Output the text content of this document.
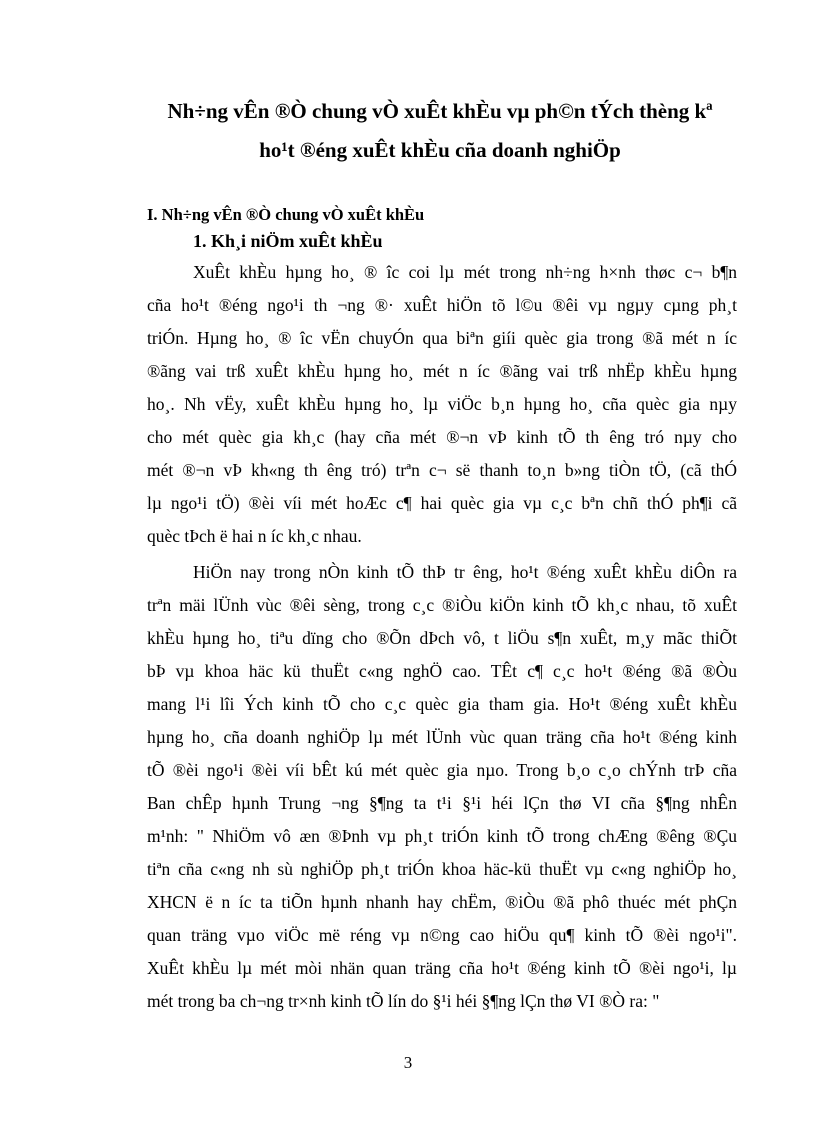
Nh÷ng vÊn ®Ò chung vÒ xuÊt khÈu vµ ph©n tÝch thèng kª
ho¹t ®éng xuÊt khÈu cña doanh nghiÖp
I. Nh÷ng vÊn ®Ò chung vÒ xuÊt khÈu
1. Kh¸i niÖm xuÊt khÈu
XuÊt khÈu hµng ho¸ ® îc coi lµ mét trong nh÷ng h×nh thøc c¬ b¶n
cña ho¹t ®éng ngo¹i th ¬ng ®· xuÊt hiÖn tõ l©u ®êi vµ ngµy cµng ph¸t
triÓn. Hµng ho¸ ® îc vËn chuyÓn qua biªn giíi quèc gia trong ®ã mét n íc
®ãng vai trß xuÊt khÈu hµng ho¸ mét n íc ®ãng vai trß nhËp khÈu hµng
ho¸. Nh vËy, xuÊt khÈu hµng ho¸ lµ viÖc b¸n hµng ho¸ cña quèc gia nµy
cho mét quèc gia kh¸c (hay cña mét ®¬n vÞ kinh tÕ th êng tró nµy cho
mét ®¬n vÞ kh«ng th êng tró) trªn c¬ së thanh to¸n b»ng tiÒn tÖ, (cã thÓ
lµ ngo¹i tÖ) ®èi víi mét hoÆc c¶ hai quèc gia vµ c¸c bªn chñ thÓ ph¶i cã
quèc tÞch ë hai n íc kh¸c nhau.
HiÖn nay trong nÒn kinh tÕ thÞ tr êng, ho¹t ®éng xuÊt khÈu diÔn ra
trªn mäi lÜnh vùc ®êi sèng, trong c¸c ®iÒu kiÖn kinh tÕ kh¸c nhau, tõ xuÊt
khÈu hµng ho¸ tiªu dïng cho ®Õn dÞch vô, t liÖu s¶n xuÊt, m¸y mãc thiÕt
bÞ vµ khoa häc kü thuËt c«ng nghÖ cao. TÊt c¶ c¸c ho¹t ®éng ®ã ®Òu
mang l¹i lîi Ých kinh tÕ cho c¸c quèc gia tham gia. Ho¹t ®éng xuÊt khÈu
hµng ho¸ cña doanh nghiÖp lµ mét lÜnh vùc quan träng cña ho¹t ®éng kinh
tÕ ®èi ngo¹i ®èi víi bÊt kú mét quèc gia nµo. Trong b¸o c¸o chÝnh trÞ cña
Ban chÊp hµnh Trung ¬ng §¶ng ta t¹i §¹i héi lÇn thø VI cña §¶ng nhÊn
m¹nh: " NhiÖm vô æn ®Þnh vµ ph¸t triÓn kinh tÕ trong chÆng ®êng ®Çu
tiªn cña c«ng nh sù nghiÖp ph¸t triÓn khoa häc-kü thuËt vµ c«ng nghiÖp ho¸
XHCN ë n íc ta tiÕn hµnh nhanh hay chËm, ®iÒu ®ã phô thuéc mét phÇn
quan träng vµo viÖc më réng vµ n©ng cao hiÖu qu¶ kinh tÕ ®èi ngo¹i".
XuÊt khÈu lµ mét mòi nhän quan träng cña ho¹t ®éng kinh tÕ ®èi ngo¹i, lµ
mét trong ba ch¬ng tr×nh kinh tÕ lín do §¹i héi §¶ng lÇn thø VI ®Ò ra: "

3
